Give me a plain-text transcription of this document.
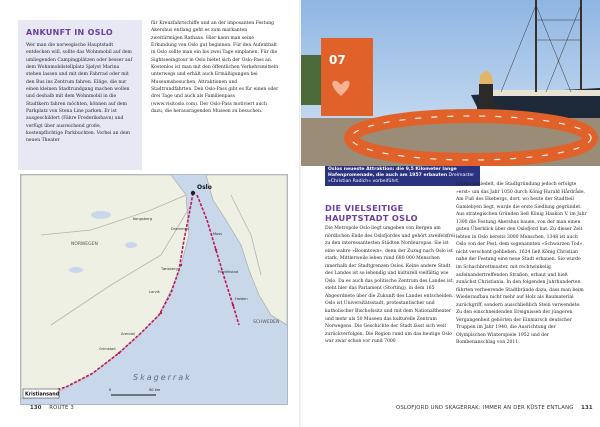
ANKUNFT IN OSLO

Wer man die norwegische Hauptstadt entdecken will, sollte das Wohnmobil auf dem umliegenden Campingplätzen oder besser auf dem Wohnmobilstellplatz Sjølyst Marina stehen lassen und mit dem Fahrrad oder mit den Bus ins Zentrum fahren. Eilige, die nur einen kleinen Stadtrundgang machen wollen und deshalb mit dem Wohnmobil in die Stadtkern fahren möchten, können auf dem Parkplatz von Stena Line parken. Er ist ausgeschildert (Fähre Frederikshavn) und verfügt über ausreichend große, kostenpflichtige Parkbuchten. Vorbei an dem neuen Theater

für Kreuzfahrtschiffe und an der imposanten Festung Akershus entlang geht es zum markanten zweitürmigen Rathaus. Hier kann man seine Erkundung von Oslo gut beginnen. Für den Aufenthalt in Oslo sollte man ein bis zwei Tage einplanen. Für die Sightseeingtour in Oslo bietet sich der Oslo-Pass an. Kostenlos ist man mit den öffentlichen Verkehrsmitteln unterwegs und erhält auch Ermäßigungen bei Museumsbesuchen, Attraktionen und Stadtrundfahrten. Den Oslo-Pass gibt es für einen oder drei Tage und auch als Familienpass (www.visitoslo.com). Der Oslo-Pass motiviert auch dazu, die herausragenden Museen zu besuchen.

Oslo
NORWEGEN
SCHWEDEN
Skagerrak
Kongsberg
Drammen
Tønsberg
Larvik
Arendal
Grimstad
Moss
Fredrikstad
Halden
Kristiansand
0	50 km
130 ROUTE 3
07
Oslos neueste Attraktion: die 9,5 Kilometer lange Hafenpromenade, die auch am 1957 erbauten Dreimaster »Christian Radich« vorbeiführt.
DIE VIELSEITIGE HAUPTSTADT OSLO

Die Metropole Oslo liegt umgeben von Bergen am nördlichen Ende des Oslofjordes und gehört zweifelsfrei zu den interessantesten Städten Nordeuropas. Sie ist eine wahre »Boomtown«, denn der Zuzug nach Oslo ist stark. Mittlerweile leben rund 680 000 Menschen innerhalb der Stadtgrenzen Oslos. Keine andere Stadt des Landes ist so lebendig und kulturell vielfältig wie Oslo. Da es auch das politische Zentrum des Landes ist, steht hier das Parlament (Storting), in dem 165 Abgeordnete über die Zukunft des Landes entscheiden. Oslo ist Universitätsstadt, protestantischer und katholischer Bischofssitz und mit dem Nationaltheater und mehr als 50 Museen das kulturelle Zentrum Norwegens. Die Geschichte der Stadt lässt sich weit zurückverfolgen. Die Region rund um das heutige Oslo war zwar schon vor rund 7000

Jahren besiedelt, die Stadtgründung jedoch erfolgte »erst« um das Jahr 1050 durch König Harald Hårdråde. Am Fuß des Ekebergs, dort, wo heute der Stadtteil Gamlebyen liegt, wurde die erste Siedlung gegründet. Aus strategischen Gründen ließ König Haakon V. im Jahr 1300 die Festung Akershus bauen, von der man einen guten Überblick über den Oslofjord hat. Zu dieser Zeit lebten in Oslo bereits 3000 Menschen. 1348 ist auch Oslo von der Pest, dem sogenannten »Schwarzen Tod«, nicht verschont geblieben. 1624 ließ König Christian nahe der Festung eine neue Stadt erbauen. Sie wurde im Schachbrettmuster, mit rechtwinkelig aufeinandertreffenden Straßen, erbaut und hieß zunächst Christiania. In den folgenden Jahrhunderten führten verheerende Stadtbrände dazu, dass man beim Wiederaufbau nicht mehr auf Holz als Baumaterial zurückgriff, sondern ausschließlich Stein verwendete. Zu den einschneidenden Ereignissen der jüngeren Vergangenheit gehörten der Einmarsch deutscher Truppen im Jahr 1940, die Ausrichtung der Olympischen Winterspiele 1952 und der Bombenanschlag von 2011.

OSLOFJORD UND SKAGERRAK: IMMER AN DER KÜSTE ENTLANG 131
